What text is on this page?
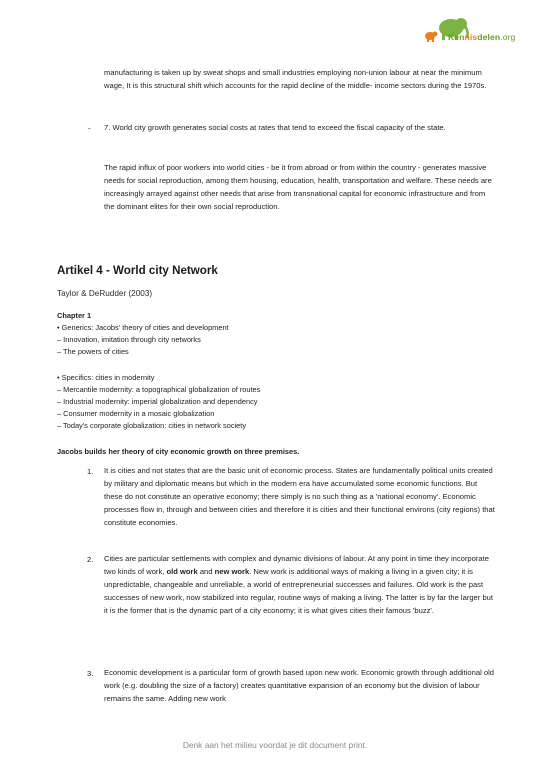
Kennisdelen.org

manufacturing is taken up by sweat shops and small industries employing non-union labour at near the minimum wage, It is this structural shift which accounts for the rapid decline of the middle- income sectors during the 1970s.

- 7. World city growth generates social costs at rates that tend to exceed the fiscal capacity of the state.

The rapid influx of poor workers into world cities - be it from abroad or from within the country - generates massive needs for social reproduction, among them housing, education, health, transportation and welfare. These needs are increasingly arrayed against other needs that arise from transnational capital for economic infrastructure and from the dominant elites for their own social reproduction.

Artikel 4 - World city Network

Taylor & DeRudder (2003)

Chapter 1
• Generics: Jacobs' theory of cities and development
– Innovation, imitation through city networks
– The powers of cities
• Specifics: cities in modernity
– Mercantile modernity: a topographical globalization of routes
– Industrial modernity: imperial globalization and dependency
– Consumer modernity in a mosaic globalization
– Today's corporate globalization: cities in network society
Jacobs builds her theory of city economic growth on three premises.
1. It is cities and not states that are the basic unit of economic process. States are fundamentally political units created by military and diplomatic means but which in the modern era have accumulated some economic functions. But these do not constitute an operative economy; there simply is no such thing as a 'national economy'. Economic processes flow in, through and between cities and therefore it is cities and their functional environs (city regions) that constitute economies.

2. Cities are particular settlements with complex and dynamic divisions of labour. At any point in time they incorporate two kinds of work, old work and new work. New work is additional ways of making a living in a given city; it is unpredictable, changeable and unreliable, a world of entrepreneurial successes and failures. Old work is the past successes of new work, now stabilized into regular, routine ways of making a living. The latter is by far the larger but it is the former that is the dynamic part of a city economy; it is what gives cities their famous 'buzz'.

3. Economic development is a particular form of growth based upon new work. Economic growth through additional old work (e.g. doubling the size of a factory) creates quantitative expansion of an economy but the division of labour remains the same. Adding new work

Denk aan het milieu voordat je dit document print.
